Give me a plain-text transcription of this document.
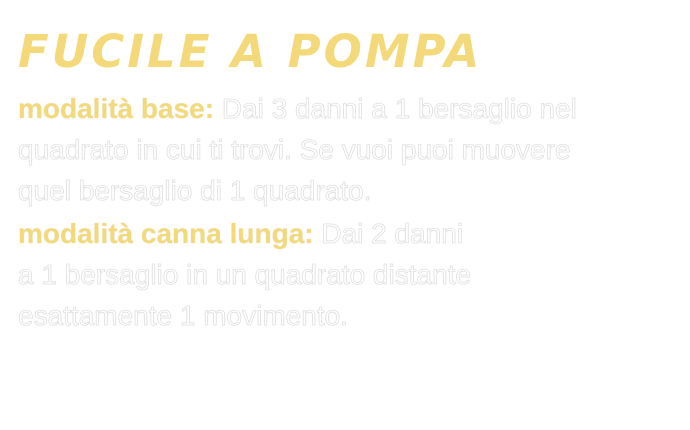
FUCILE A POMPA
modalità base: Dai 3 danni a 1 bersaglio nel
quadrato in cui ti trovi. Se vuoi puoi muovere
quel bersaglio di 1 quadrato.
modalità canna lunga: Dai 2 danni
a 1 bersaglio in un quadrato distante
esattamente 1 movimento.
